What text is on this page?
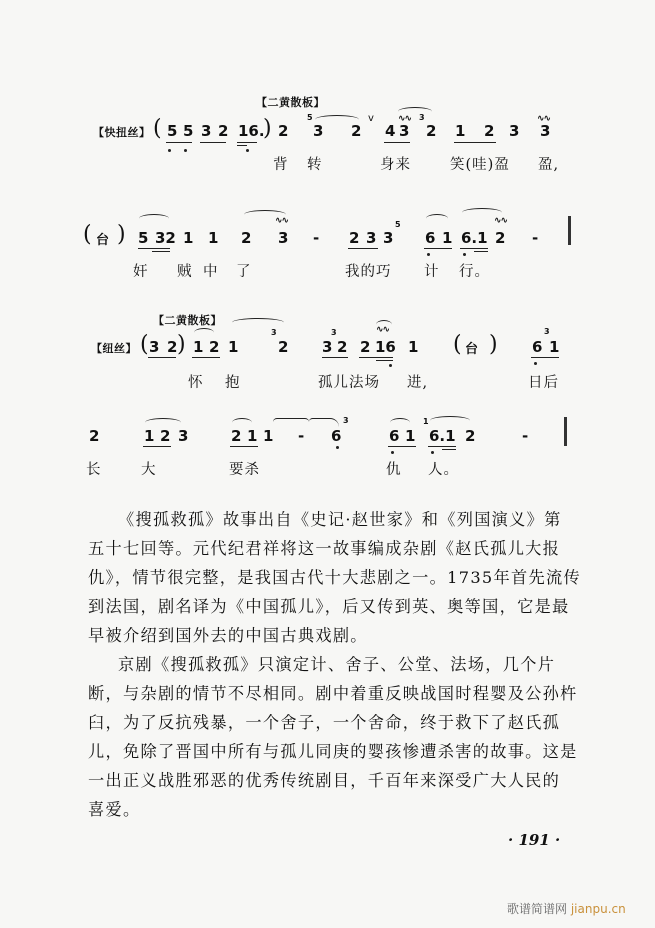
【二黄散板】
【快扭丝】 ( 5 5 3 2 16.
) 2
5
3 2
v	∿∿
4 3
3
2 1 2 3
∿∿
3
背 转	身来	笑(哇)盈 盈,
( 台 ) 5 32 1 1 2
∿∿
3 - 2 3 3
5
6 1 6.1
∿∿
2 -
奸 贼 中 了	我的巧 计 行。
【二黄散板】
【纽丝】 ( 3 2 ) 1 2 1
3
2 3
3
2 2
∿∿
16 1 ( 台 ) 6
3
1
怀 抱	孤儿法场 进,	日后
2	1 2 3	2 1 1 - 6
3
6 1
1
6.1 2	-
长	大	要杀	仇 人。
《搜孤救孤》故事出自《史记·赵世家》和《列国演义》第
五十七回等。元代纪君祥将这一故事编成杂剧《赵氏孤儿大报
仇》，情节很完整，是我国古代十大悲剧之一。1735年首先流传
到法国，剧名译为《中国孤儿》，后又传到英、奥等国，它是最
早被介绍到国外去的中国古典戏剧。
京剧《搜孤救孤》只演定计、舍子、公堂、法场，几个片
断，与杂剧的情节不尽相同。剧中着重反映战国时程婴及公孙杵
臼，为了反抗残暴，一个舍子，一个舍命，终于救下了赵氏孤
儿，免除了晋国中所有与孤儿同庚的婴孩惨遭杀害的故事。这是
一出正义战胜邪恶的优秀传统剧目，千百年来深受广大人民的
喜爱。
· 191 ·
歌谱简谱网 jianpu.cn
